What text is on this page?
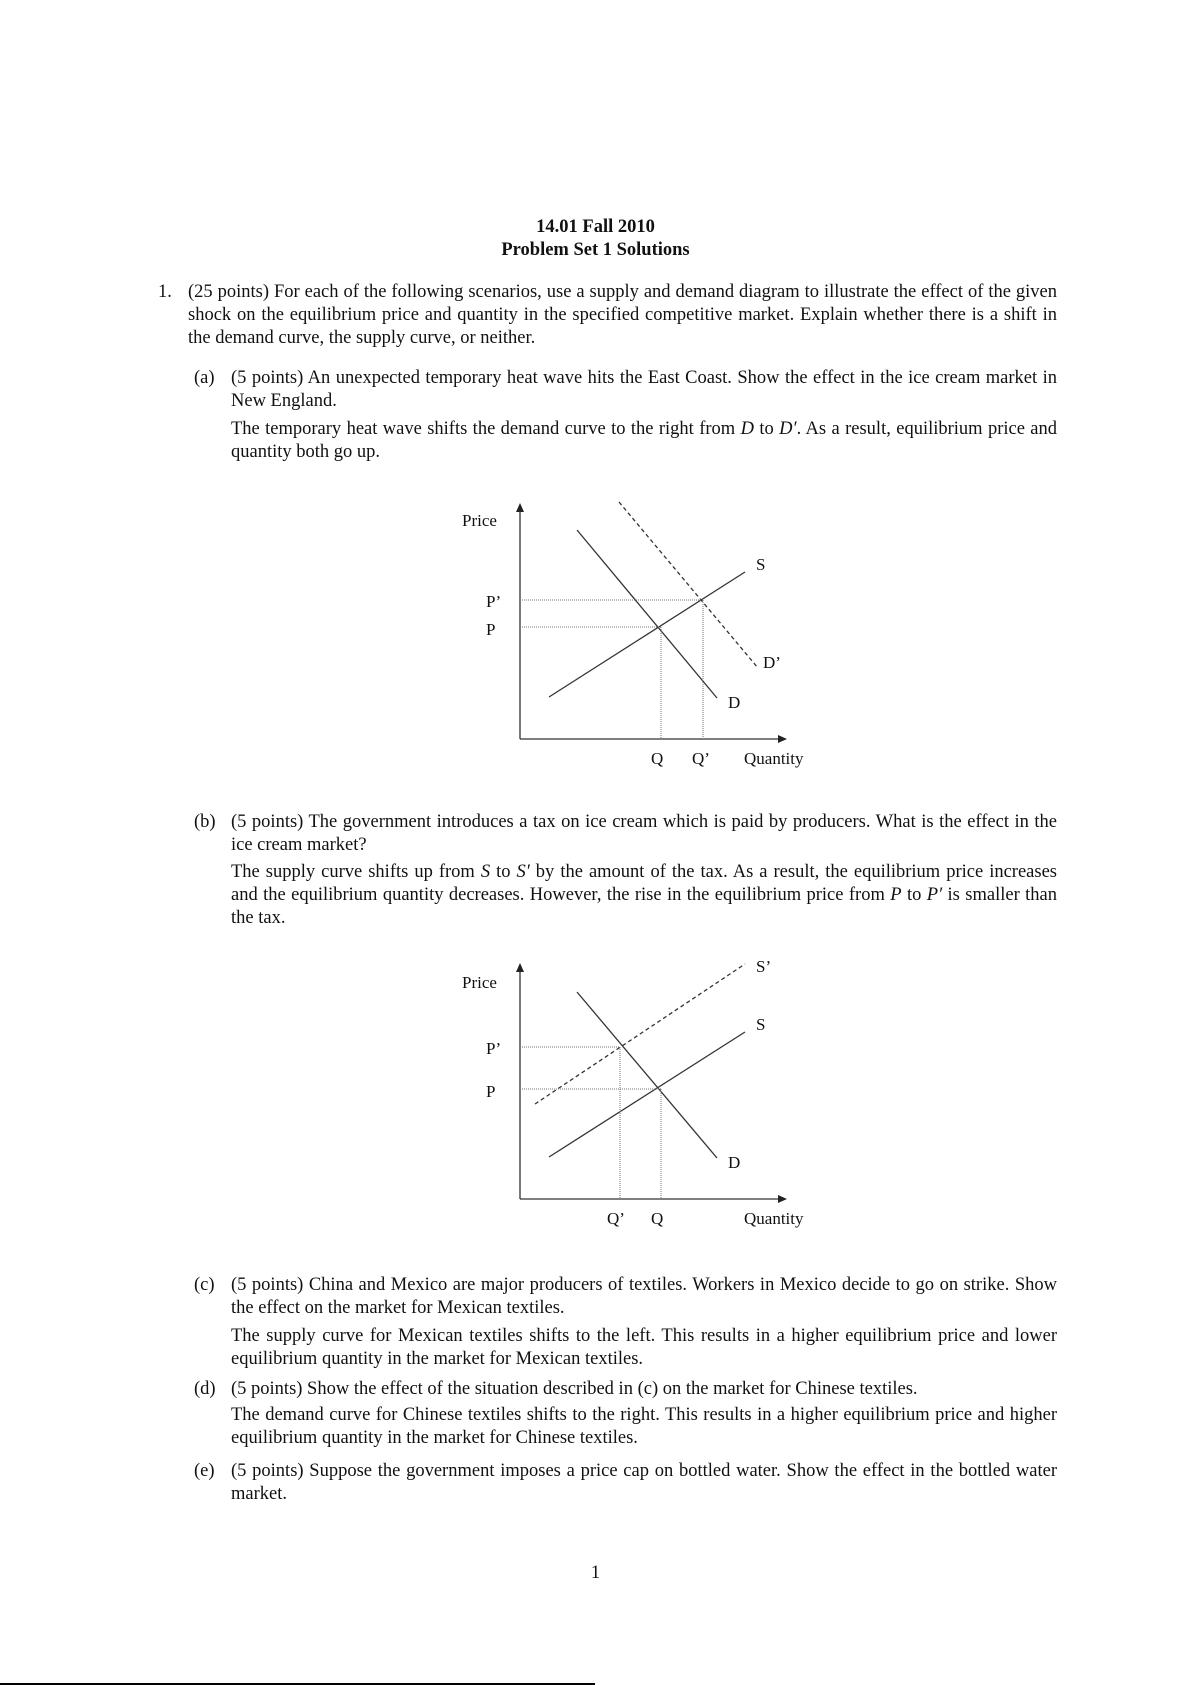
14.01 Fall 2010
Problem Set 1 Solutions
1. (25 points) For each of the following scenarios, use a supply and demand diagram to illustrate the effect of the given shock on the equilibrium price and quantity in the specified competitive market. Explain whether there is a shift in the demand curve, the supply curve, or neither.
(a) (5 points) An unexpected temporary heat wave hits the East Coast. Show the effect in the ice cream market in New England.
The temporary heat wave shifts the demand curve to the right from D to D′. As a result, equilibrium price and quantity both go up.
Price
P’
P
S
D’
D
Q Q’ Quantity
(b) (5 points) The government introduces a tax on ice cream which is paid by producers. What is the effect in the ice cream market?
The supply curve shifts up from S to S′ by the amount of the tax. As a result, the equilibrium price increases and the equilibrium quantity decreases. However, the rise in the equilibrium price from P to P′ is smaller than the tax.
Price
P’
P
S’
S
D
Q’ Q	Quantity
(c) (5 points) China and Mexico are major producers of textiles. Workers in Mexico decide to go on strike. Show the effect on the market for Mexican textiles.
The supply curve for Mexican textiles shifts to the left. This results in a higher equilibrium price and lower equilibrium quantity in the market for Mexican textiles.
(d) (5 points) Show the effect of the situation described in (c) on the market for Chinese textiles.
The demand curve for Chinese textiles shifts to the right. This results in a higher equilibrium price and higher equilibrium quantity in the market for Chinese textiles.
(e) (5 points) Suppose the government imposes a price cap on bottled water. Show the effect in the bottled water market.
1
